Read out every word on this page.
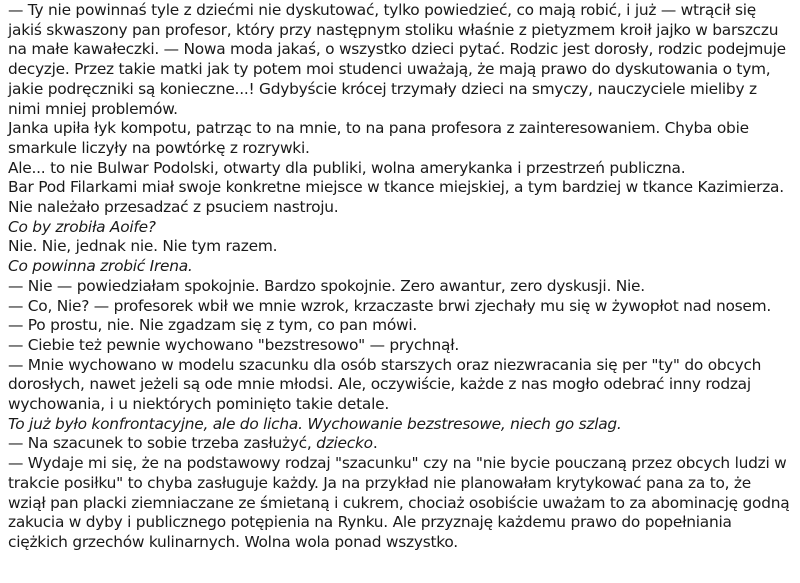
— Ty nie powinnaś tyle z dziećmi nie dyskutować, tylko powiedzieć, co mają robić, i już — wtrącił się jakiś skwaszony pan profesor, który przy następnym stoliku właśnie z pietyzmem kroił jajko w barszczu na małe kawałeczki. — Nowa moda jakaś, o wszystko dzieci pytać. Rodzic jest dorosły, rodzic podejmuje decyzje. Przez takie matki jak ty potem moi studenci uważają, że mają prawo do dyskutowania o tym, jakie podręczniki są konieczne...! Gdybyście krócej trzymały dzieci na smyczy, nauczyciele mieliby z nimi mniej problemów.

Janka upiła łyk kompotu, patrząc to na mnie, to na pana profesora z zainteresowaniem. Chyba obie smarkule liczyły na powtórkę z rozrywki.

Ale... to nie Bulwar Podolski, otwarty dla publiki, wolna amerykanka i przestrzeń publiczna.

Bar Pod Filarkami miał swoje konkretne miejsce w tkance miejskiej, a tym bardziej w tkance Kazimierza. Nie należało przesadzać z psuciem nastroju.

Co by zrobiła Aoife?

Nie. Nie, jednak nie. Nie tym razem.

Co powinna zrobić Irena.

— Nie — powiedziałam spokojnie. Bardzo spokojnie. Zero awantur, zero dyskusji. Nie.

— Co, Nie? — profesorek wbił we mnie wzrok, krzaczaste brwi zjechały mu się w żywopłot nad nosem.

— Po prostu, nie. Nie zgadzam się z tym, co pan mówi.

— Ciebie też pewnie wychowano "bezstresowo" — prychnął.

— Mnie wychowano w modelu szacunku dla osób starszych oraz niezwracania się per "ty" do obcych dorosłych, nawet jeżeli są ode mnie młodsi. Ale, oczywiście, każde z nas mogło odebrać inny rodzaj wychowania, i u niektórych pominięto takie detale.

To już było konfrontacyjne, ale do licha. Wychowanie bezstresowe, niech go szlag.

— Na szacunek to sobie trzeba zasłużyć, dziecko.

— Wydaje mi się, że na podstawowy rodzaj "szacunku" czy na "nie bycie pouczaną przez obcych ludzi w trakcie posiłku" to chyba zasługuje każdy. Ja na przykład nie planowałam krytykować pana za to, że wziął pan placki ziemniaczane ze śmietaną i cukrem, chociaż osobiście uważam to za abominację godną zakucia w dyby i publicznego potępienia na Rynku. Ale przyznaję każdemu prawo do popełniania ciężkich grzechów kulinarnych. Wolna wola ponad wszystko.
